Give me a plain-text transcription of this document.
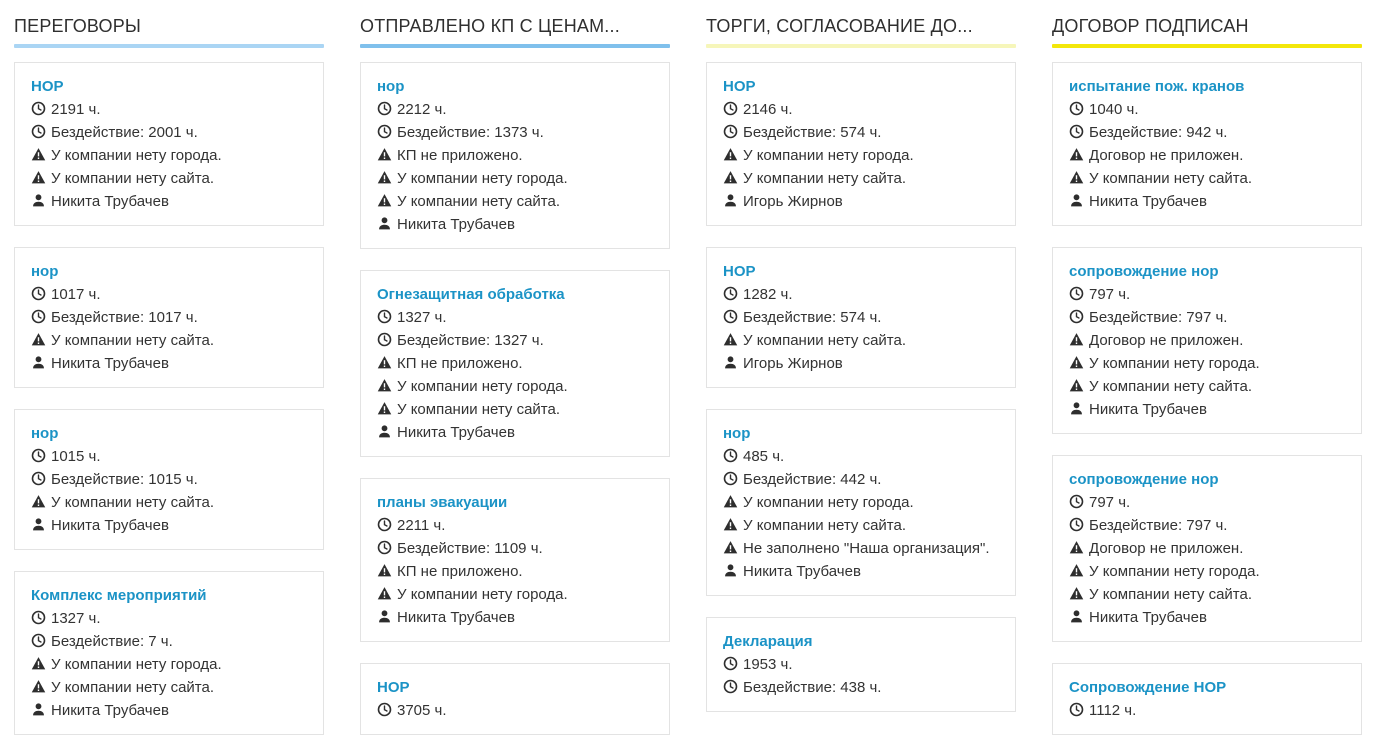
ПЕРЕГОВОРЫ
НОР
2191 ч.
Бездействие: 2001 ч.
У компании нету города.
У компании нету сайта.
Никита Трубачев
нор
1017 ч.
Бездействие: 1017 ч.
У компании нету сайта.
Никита Трубачев
нор
1015 ч.
Бездействие: 1015 ч.
У компании нету сайта.
Никита Трубачев
Комплекс мероприятий
1327 ч.
Бездействие: 7 ч.
У компании нету города.
У компании нету сайта.
Никита Трубачев
ОТПРАВЛЕНО КП С ЦЕНАМ...
нор
2212 ч.
Бездействие: 1373 ч.
КП не приложено.
У компании нету города.
У компании нету сайта.
Никита Трубачев
Огнезащитная обработка
1327 ч.
Бездействие: 1327 ч.
КП не приложено.
У компании нету города.
У компании нету сайта.
Никита Трубачев
планы эвакуации
2211 ч.
Бездействие: 1109 ч.
КП не приложено.
У компании нету города.
Никита Трубачев
НОР
3705 ч.
ТОРГИ, СОГЛАСОВАНИЕ ДО...
НОР
2146 ч.
Бездействие: 574 ч.
У компании нету города.
У компании нету сайта.
Игорь Жирнов
НОР
1282 ч.
Бездействие: 574 ч.
У компании нету сайта.
Игорь Жирнов
нор
485 ч.
Бездействие: 442 ч.
У компании нету города.
У компании нету сайта.
Не заполнено "Наша организация".
Никита Трубачев
Декларация
1953 ч.
Бездействие: 438 ч.
ДОГОВОР ПОДПИСАН
испытание пож. кранов
1040 ч.
Бездействие: 942 ч.
Договор не приложен.
У компании нету сайта.
Никита Трубачев
сопровождение нор
797 ч.
Бездействие: 797 ч.
Договор не приложен.
У компании нету города.
У компании нету сайта.
Никита Трубачев
сопровождение нор
797 ч.
Бездействие: 797 ч.
Договор не приложен.
У компании нету города.
У компании нету сайта.
Никита Трубачев
Сопровождение НОР
1112 ч.
